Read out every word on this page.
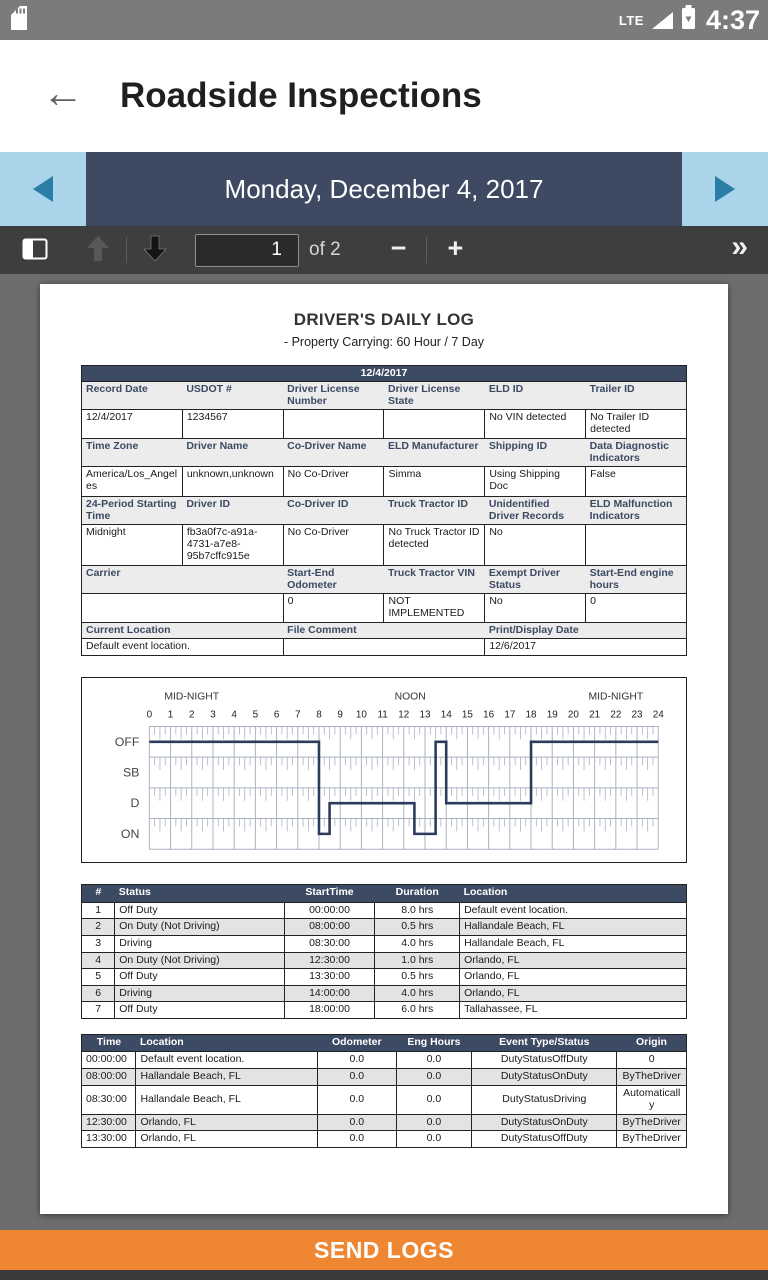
LTE 4:37
←	Roadside Inspections
Monday, December 4, 2017
1
of 2	−	+	»
DRIVER'S DAILY LOG
- Property Carrying: 60 Hour / 7 Day
12/4/2017					
Record Date	USDOT #	Driver License Number	Driver License State	ELD ID	Trailer ID
12/4/2017	1234567			No VIN detected	No Trailer ID detected
Time Zone	Driver Name	Co-Driver Name	ELD Manufacturer	Shipping ID	Data Diagnostic Indicators
America/Los_Angeles	unknown,unknown	No Co-Driver	Simma	Using Shipping Doc	False
24-Period Starting Time	Driver ID	Co-Driver ID	Truck Tractor ID	Unidentified Driver Records	ELD Malfunction Indicators
Midnight	fb3a0f7c-a91a-4731-a7e8-95b7cffc915e	No Co-Driver	No Truck Tractor ID detected	No	
Carrier		Start-End Odometer	Truck Tractor VIN	Exempt Driver Status	Start-End engine hours
		0	NOT IMPLEMENTED	No	0
Current Location		File Comment		Print/Display Date	
Default event location.				12/6/2017	
MID-NIGHT	NOON	MID-NIGHT
0 1 2 3 4 5 6 7 8 9 10 11 12 13 14 15 16 17 18 19 20 21 22 23 24
OFF
SB
D
ON
#	Status	StartTime	Duration	Location
1	Off Duty	00:00:00	8.0 hrs	Default event location.
2	On Duty (Not Driving)	08:00:00	0.5 hrs	Hallandale Beach, FL
3	Driving	08:30:00	4.0 hrs	Hallandale Beach, FL
4	On Duty (Not Driving)	12:30:00	1.0 hrs	Orlando, FL
5	Off Duty	13:30:00	0.5 hrs	Orlando, FL
6	Driving	14:00:00	4.0 hrs	Orlando, FL
7	Off Duty	18:00:00	6.0 hrs	Tallahassee, FL
Time	Location	Odometer	Eng Hours	Event Type/Status	Origin
00:00:00	Default event location.	0.0	0.0	DutyStatusOffDuty	0
08:00:00	Hallandale Beach, FL	0.0	0.0	DutyStatusOnDuty	ByTheDriver
08:30:00	Hallandale Beach, FL	0.0	0.0	DutyStatusDriving	Automatically
12:30:00	Orlando, FL	0.0	0.0	DutyStatusOnDuty	ByTheDriver
13:30:00	Orlando, FL	0.0	0.0	DutyStatusOffDuty	ByTheDriver
SEND LOGS
